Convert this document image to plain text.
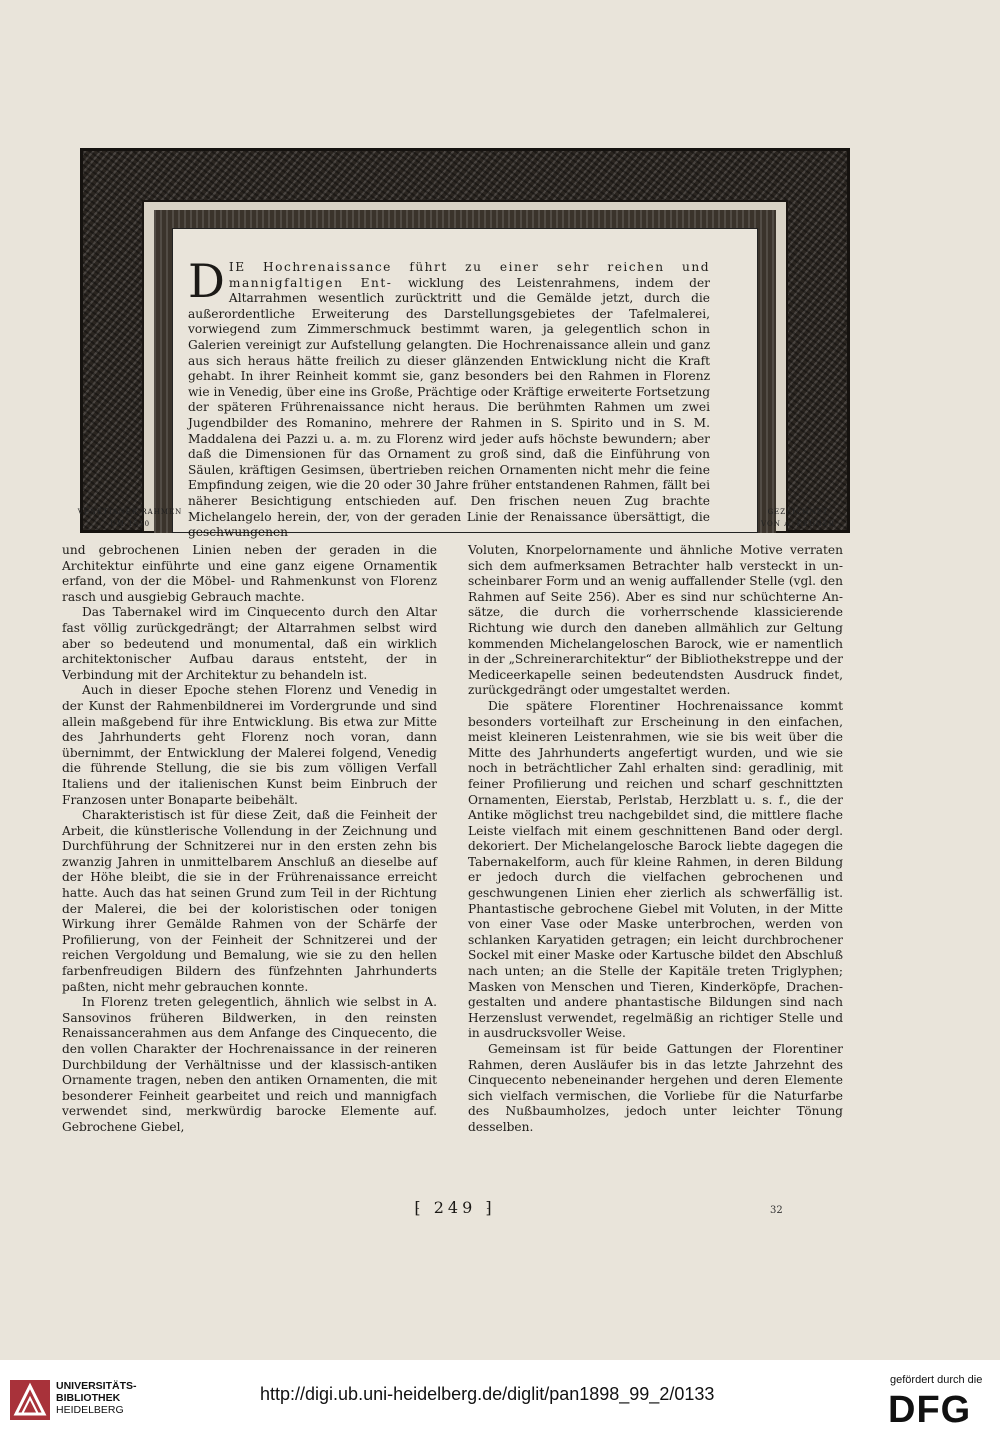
VENETIANER RAHMEN
UM 1550
GEZEICHNET
VON A. KRÜGER
D IE Hochrenaissance führt zu einer sehr reichen und mannigfaltigen Ent- wicklung des Leistenrahmens, indem der Altarrahmen wesentlich zurücktritt und die Gemälde jetzt, durch die außerordentliche Erweiterung des Darstellungsgebietes der Tafelmalerei, vorwiegend zum Zimmerschmuck bestimmt waren, ja gelegentlich schon in Galerien vereinigt zur Aufstellung gelangten. Die Hochrenaissance allein und ganz aus sich heraus hätte freilich zu dieser glänzenden Entwicklung nicht die Kraft gehabt. In ihrer Reinheit kommt sie, ganz besonders bei den Rahmen in Florenz wie in Venedig, über eine ins Große, Prächtige oder Kräftige erweiterte Fortsetzung der späteren Frührenaissance nicht heraus. Die berühmten Rahmen um zwei Jugendbilder des Romanino, mehrere der Rahmen in S. Spirito und in S. M. Maddalena dei Pazzi u. a. m. zu Florenz wird jeder aufs höchste bewundern; aber daß die Dimensionen für das Ornament zu groß sind, daß die Einführung von Säulen, kräftigen Gesimsen, übertrieben reichen Ornamenten nicht mehr die feine Empfindung zeigen, wie die 20 oder 30 Jahre früher entstandenen Rahmen, fällt bei näherer Besichtigung entschieden auf. Den frischen neuen Zug brachte Michelangelo herein, der, von der geraden Linie der Renaissance übersättigt, die geschwungenen

und gebrochenen Linien neben der geraden in die Architektur einführte und eine ganz eigene Ornamentik erfand, von der die Möbel- und Rahmenkunst von Florenz rasch und ausgiebig Gebrauch machte.

Das Tabernakel wird im Cinquecento durch den Altar fast völlig zurückgedrängt; der Altarrahmen selbst wird aber so bedeutend und monumental, daß ein wirklich architektonischer Aufbau daraus entsteht, der in Verbindung mit der Architektur zu behandeln ist.

Auch in dieser Epoche stehen Florenz und Venedig in der Kunst der Rahmenbildnerei im Vordergrunde und sind allein maßgebend für ihre Entwicklung. Bis etwa zur Mitte des Jahrhunderts geht Florenz noch voran, dann übernimmt, der Entwicklung der Malerei folgend, Venedig die führende Stellung, die sie bis zum völligen Verfall Italiens und der italienischen Kunst beim Einbruch der Franzosen unter Bonaparte beibehält.

Charakteristisch ist für diese Zeit, daß die Feinheit der Arbeit, die künstlerische Vollendung in der Zeichnung und Durchführung der Schnitzerei nur in den ersten zehn bis zwanzig Jahren in unmittelbarem Anschluß an dieselbe auf der Höhe bleibt, die sie in der Frührenaissance erreicht hatte. Auch das hat seinen Grund zum Teil in der Richtung der Malerei, die bei der koloristischen oder tonigen Wirkung ihrer Gemälde Rahmen von der Schärfe der Profilierung, von der Feinheit der Schnitzerei und der reichen Vergoldung und Bemalung, wie sie zu den hellen farbenfreudigen Bildern des fünfzehnten Jahrhunderts paßten, nicht mehr gebrauchen konnte.

In Florenz treten gelegentlich, ähnlich wie selbst in A. Sansovinos früheren Bildwerken, in den reinsten Renaissancerahmen aus dem Anfange des Cinquecento, die den vollen Charakter der Hochrenaissance in der reineren Durchbildung der Verhältnisse und der klassisch-antiken Ornamente tragen, neben den antiken Ornamenten, die mit besonderer Feinheit gearbeitet und reich und mannigfach verwendet sind, merkwürdig barocke Elemente auf. Gebrochene Giebel,

Voluten, Knorpelornamente und ähnliche Motive verraten sich dem aufmerksamen Betrachter halb versteckt in unscheinbarer Form und an wenig auffallender Stelle (vgl. den Rahmen auf Seite 256). Aber es sind nur schüchterne Ansätze, die durch die vorherrschende klassicierende Richtung wie durch den daneben allmählich zur Geltung kommenden Michelangeloschen Barock, wie er namentlich in der „Schreinerarchitektur“ der Bibliothekstreppe und der Mediceerkapelle seinen bedeutendsten Ausdruck findet, zurückgedrängt oder umgestaltet werden.

Die spätere Florentiner Hochrenaissance kommt besonders vorteilhaft zur Erscheinung in den einfachen, meist kleineren Leistenrahmen, wie sie bis weit über die Mitte des Jahrhunderts angefertigt wurden, und wie sie noch in beträchtlicher Zahl erhalten sind: geradlinig, mit feiner Profilierung und reichen und scharf geschnittzten Ornamenten, Eierstab, Perlstab, Herzblatt u. s. f., die der Antike möglichst treu nachgebildet sind, die mittlere flache Leiste vielfach mit einem geschnittenen Band oder dergl. dekoriert. Der Michelangelosche Barock liebte dagegen die Tabernakelform, auch für kleine Rahmen, in deren Bildung er jedoch durch die vielfachen gebrochenen und geschwungenen Linien eher zierlich als schwerfällig ist. Phantastische gebrochene Giebel mit Voluten, in der Mitte von einer Vase oder Maske unterbrochen, werden von schlanken Karyatiden getragen; ein leicht durchbrochener Sockel mit einer Maske oder Kartusche bildet den Abschluß nach unten; an die Stelle der Kapitäle treten Triglyphen; Masken von Menschen und Tieren, Kinderköpfe, Drachengestalten und andere phantastische Bildungen sind nach Herzenslust verwendet, regelmäßig an richtiger Stelle und in ausdrucksvoller Weise.

Gemeinsam ist für beide Gattungen der Florentiner Rahmen, deren Ausläufer bis in das letzte Jahrzehnt des Cinquecento nebeneinander hergehen und deren Elemente sich vielfach vermischen, die Vorliebe für die Naturfarbe des Nußbaumholzes, jedoch unter leichter Tönung desselben.

⁅ 249 ⁆	32
UNIVERSITÄTS-
BIBLIOTHEK
HEIDELBERG
http://digi.ub.uni-heidelberg.de/diglit/pan1898_99_2/0133
gefördert durch die
DFG
